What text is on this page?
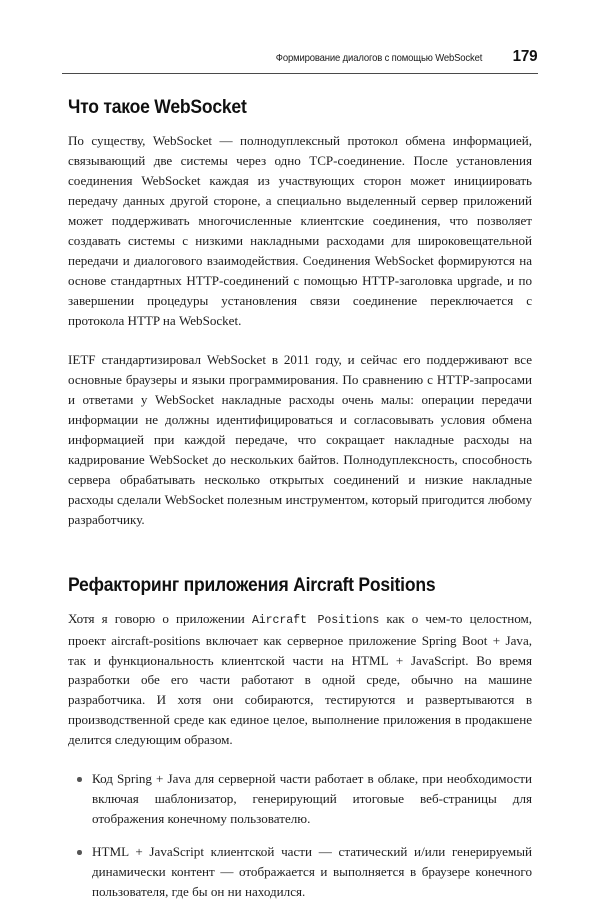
Формирование диалогов с помощью WebSocket 179
Что такое WebSocket

По существу, WebSocket — полнодуплексный протокол обмена информацией, связывающий две системы через одно TCP-соединение. После установления соединения WebSocket каждая из участвующих сторон может инициировать передачу данных другой стороне, а специально выделенный сервер приложений может поддерживать многочисленные клиентские соединения, что позволяет создавать системы с низкими накладными расходами для широковещательной передачи и диалогового взаимодействия. Соединения WebSocket формируются на основе стандартных HTTP-соединений с помощью HTTP-заголовка upgrade, и по завершении процедуры установления связи соединение переключается с протокола HTTP на WebSocket.

IETF стандартизировал WebSocket в 2011 году, и сейчас его поддерживают все основные браузеры и языки программирования. По сравнению с HTTP-запросами и ответами у WebSocket накладные расходы очень малы: операции передачи информации не должны идентифицироваться и согласовывать условия обмена информацией при каждой передаче, что сокращает накладные расходы на кадрирование WebSocket до нескольких байтов. Полнодуплексность, способность сервера обрабатывать несколько открытых соединений и низкие накладные расходы сделали WebSocket полезным инструментом, который пригодится любому разработчику.

Рефакторинг приложения Aircraft Positions

Хотя я говорю о приложении Aircraft Positions как о чем-то целостном, проект aircraft-positions включает как серверное приложение Spring Boot + Java, так и функциональность клиентской части на HTML + JavaScript. Во время разработки обе его части работают в одной среде, обычно на машине разработчика. И хотя они собираются, тестируются и развертываются в производственной среде как единое целое, выполнение приложения в продакшене делится следующим образом.

Код Spring + Java для серверной части работает в облаке, при необходимости включая шаблонизатор, генерирующий итоговые веб-страницы для отображения конечному пользователю.
HTML + JavaScript клиентской части — статический и/или генерируемый динамически контент — отображается и выполняется в браузере конечного пользователя, где бы он ни находился.
